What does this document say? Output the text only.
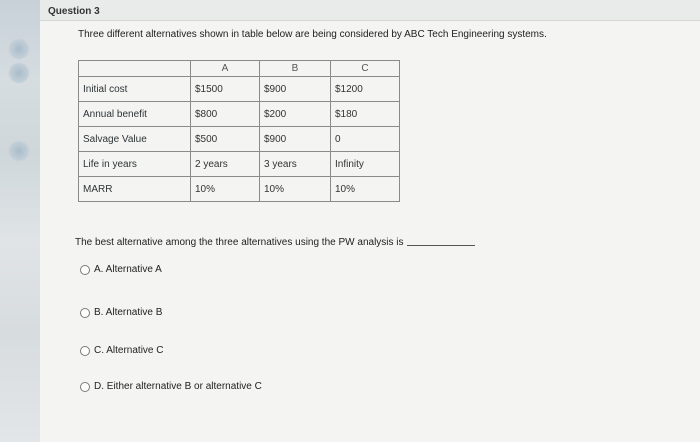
Question 3
Three different alternatives shown in table below are being considered by ABC Tech Engineering systems.
	A	B	C
Initial cost	$1500	$900	$1200
Annual benefit	$800	$200	$180
Salvage Value	$500	$900	0
Life in years	2 years	3 years	Infinity
MARR	10%	10%	10%
The best alternative among the three alternatives using the PW analysis is
A. Alternative A
B. Alternative B
C. Alternative C
D. Either alternative B or alternative C
